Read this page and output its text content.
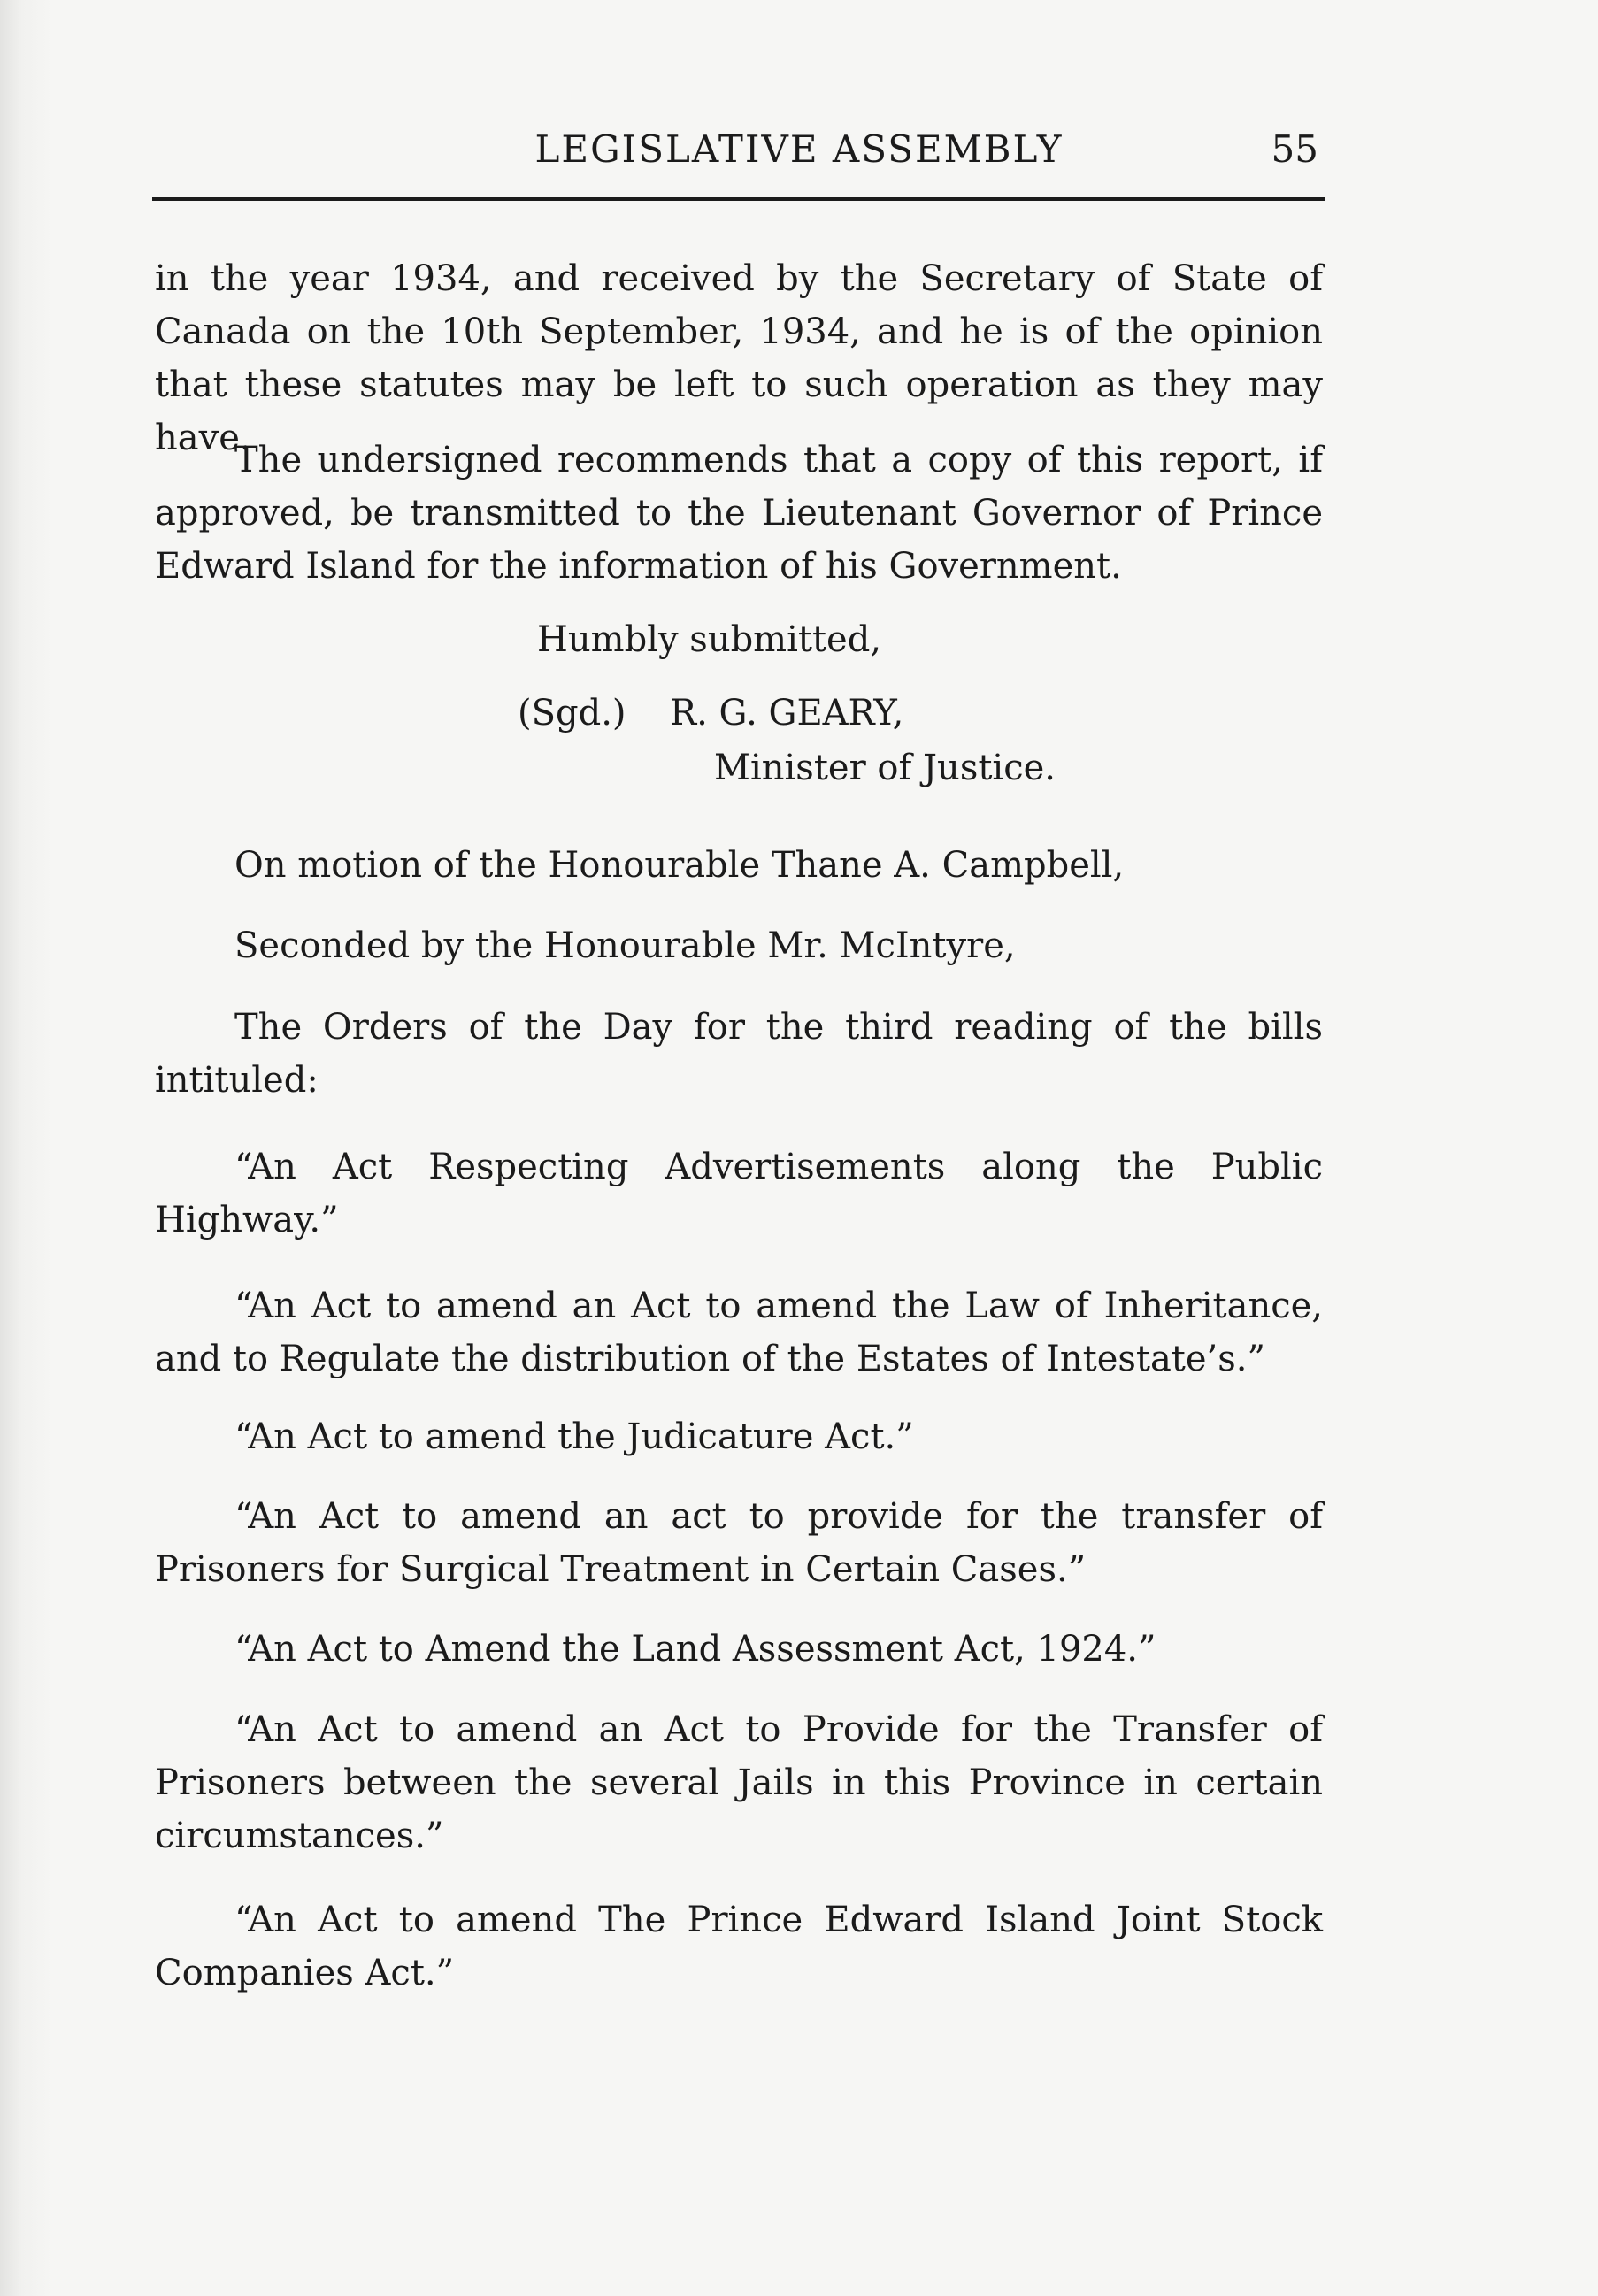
LEGISLATIVE ASSEMBLY	55

in the year 1934, and received by the Secretary of State of Canada on the 10th September, 1934, and he is of the opinion that these statutes may be left to such operation as they may have.

The undersigned recommends that a copy of this report, if approved, be transmitted to the Lieutenant Governor of Prince Edward Island for the information of his Government.

Humbly submitted,
(Sgd.) R. G. GEARY,
Minister of Justice.

On motion of the Honourable Thane A. Campbell,

Seconded by the Honourable Mr. McIntyre,

The Orders of the Day for the third reading of the bills intituled:

“An Act Respecting Advertisements along the Public Highway.”

“An Act to amend an Act to amend the Law of Inheritance, and to Regulate the distribution of the Estates of Intestate’s.”

“An Act to amend the Judicature Act.”

“An Act to amend an act to provide for the transfer of Prisoners for Surgical Treatment in Certain Cases.”

“An Act to Amend the Land Assessment Act, 1924.”

“An Act to amend an Act to Provide for the Transfer of Prisoners between the several Jails in this Province in certain circumstances.”

“An Act to amend The Prince Edward Island Joint Stock Companies Act.”
